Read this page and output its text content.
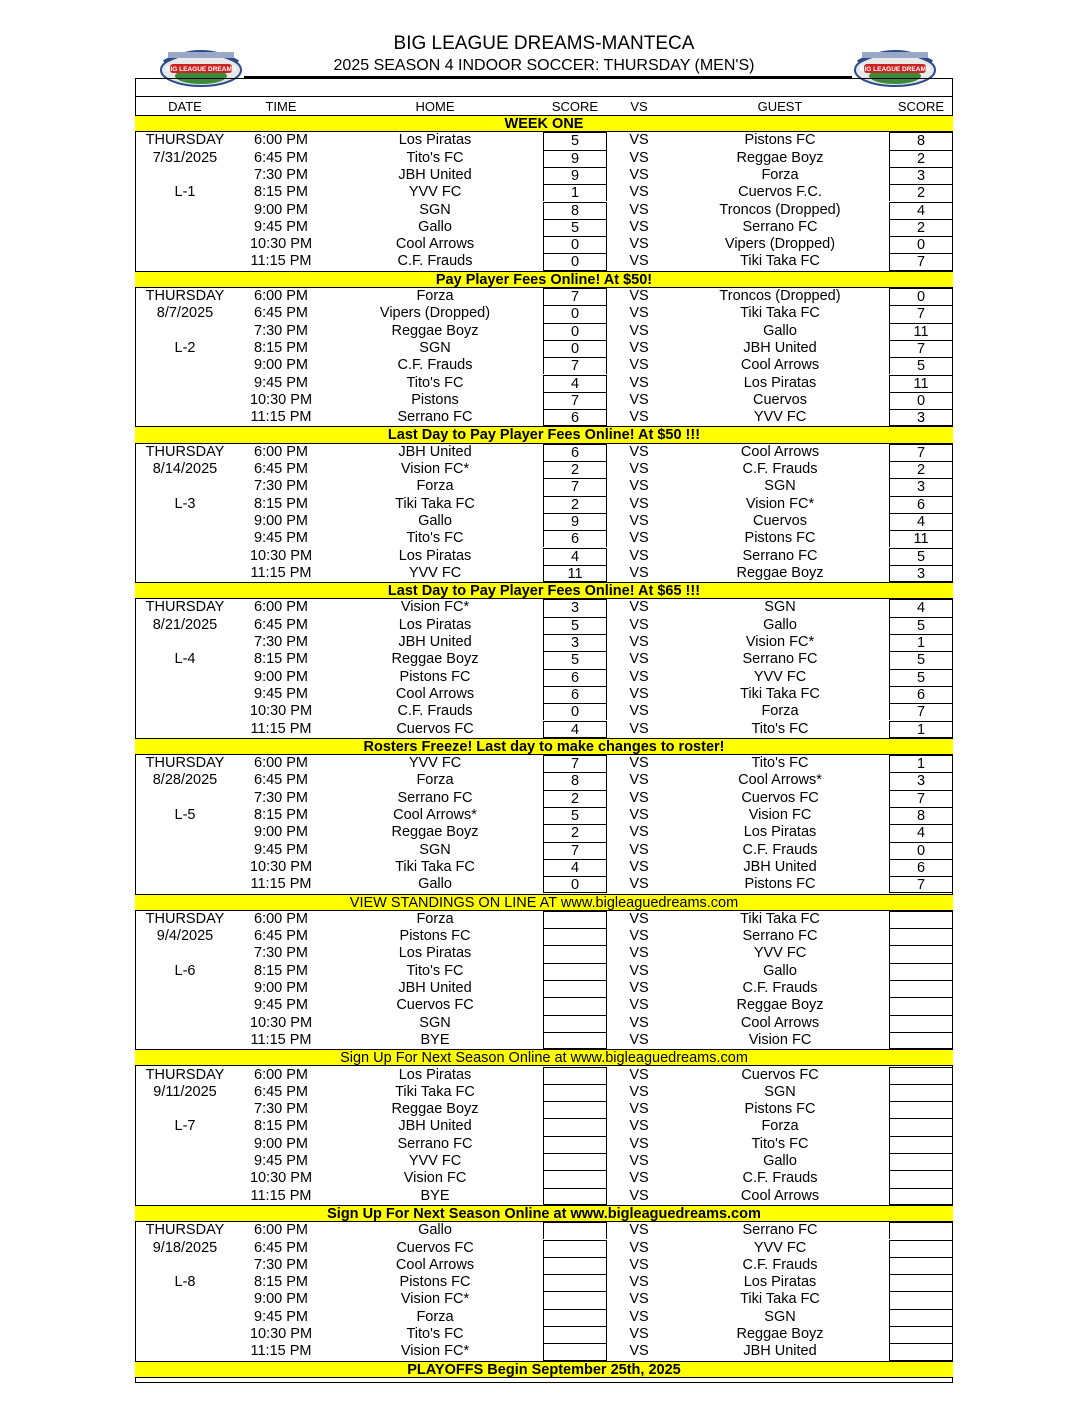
BIG LEAGUE DREAMS	BIG LEAGUE DREAMS
BIG LEAGUE DREAMS-MANTECA
2025 SEASON 4 INDOOR SOCCER: THURSDAY (MEN'S)
DATE	TIME	HOME	SCORE	VS	GUEST	SCORE
WEEK ONE
THURSDAY	6:00 PM	Los Piratas	5	VS	Pistons FC	8
7/31/2025	6:45 PM	Tito's FC	9	VS	Reggae Boyz	2
7:30 PM	JBH United	9	VS	Forza	3
L-1	8:15 PM	YVV FC	1	VS	Cuervos F.C.	2
9:00 PM	SGN	8	VS	Troncos (Dropped)	4
9:45 PM	Gallo	5	VS	Serrano FC	2
10:30 PM	Cool Arrows	0	VS	Vipers (Dropped)	0
11:15 PM	C.F. Frauds	0	VS	Tiki Taka FC	7
Pay Player Fees Online! At $50!
THURSDAY	6:00 PM	Forza	7	VS	Troncos (Dropped)	0
8/7/2025	6:45 PM	Vipers (Dropped)	0	VS	Tiki Taka FC	7
7:30 PM	Reggae Boyz	0	VS	Gallo	11
L-2	8:15 PM	SGN	0	VS	JBH United	7
9:00 PM	C.F. Frauds	7	VS	Cool Arrows	5
9:45 PM	Tito's FC	4	VS	Los Piratas	11
10:30 PM	Pistons	7	VS	Cuervos	0
11:15 PM	Serrano FC	6	VS	YVV FC	3
Last Day to Pay Player Fees Online! At $50 !!!
THURSDAY	6:00 PM	JBH United	6	VS	Cool Arrows	7
8/14/2025	6:45 PM	Vision FC*	2	VS	C.F. Frauds	2
7:30 PM	Forza	7	VS	SGN	3
L-3	8:15 PM	Tiki Taka FC	2	VS	Vision FC*	6
9:00 PM	Gallo	9	VS	Cuervos	4
9:45 PM	Tito's FC	6	VS	Pistons FC	11
10:30 PM	Los Piratas	4	VS	Serrano FC	5
11:15 PM	YVV FC	11	VS	Reggae Boyz	3
Last Day to Pay Player Fees Online! At $65 !!!
THURSDAY	6:00 PM	Vision FC*	3	VS	SGN	4
8/21/2025	6:45 PM	Los Piratas	5	VS	Gallo	5
7:30 PM	JBH United	3	VS	Vision FC*	1
L-4	8:15 PM	Reggae Boyz	5	VS	Serrano FC	5
9:00 PM	Pistons FC	6	VS	YVV FC	5
9:45 PM	Cool Arrows	6	VS	Tiki Taka FC	6
10:30 PM	C.F. Frauds	0	VS	Forza	7
11:15 PM	Cuervos FC	4	VS	Tito's FC	1
Rosters Freeze! Last day to make changes to roster!
THURSDAY	6:00 PM	YVV FC	7	VS	Tito's FC	1
8/28/2025	6:45 PM	Forza	8	VS	Cool Arrows*	3
7:30 PM	Serrano FC	2	VS	Cuervos FC	7
L-5	8:15 PM	Cool Arrows*	5	VS	Vision FC	8
9:00 PM	Reggae Boyz	2	VS	Los Piratas	4
9:45 PM	SGN	7	VS	C.F. Frauds	0
10:30 PM	Tiki Taka FC	4	VS	JBH United	6
11:15 PM	Gallo	0	VS	Pistons FC	7
VIEW STANDINGS ON LINE AT www.bigleaguedreams.com
THURSDAY	6:00 PM	Forza	VS	Tiki Taka FC
9/4/2025	6:45 PM	Pistons FC	VS	Serrano FC
7:30 PM	Los Piratas	VS	YVV FC
L-6	8:15 PM	Tito's FC	VS	Gallo
9:00 PM	JBH United	VS	C.F. Frauds
9:45 PM	Cuervos FC	VS	Reggae Boyz
10:30 PM	SGN	VS	Cool Arrows
11:15 PM	BYE	VS	Vision FC
Sign Up For Next Season Online at www.bigleaguedreams.com
THURSDAY	6:00 PM	Los Piratas	VS	Cuervos FC
9/11/2025	6:45 PM	Tiki Taka FC	VS	SGN
7:30 PM	Reggae Boyz	VS	Pistons FC
L-7	8:15 PM	JBH United	VS	Forza
9:00 PM	Serrano FC	VS	Tito's FC
9:45 PM	YVV FC	VS	Gallo
10:30 PM	Vision FC	VS	C.F. Frauds
11:15 PM	BYE	VS	Cool Arrows
Sign Up For Next Season Online at www.bigleaguedreams.com
THURSDAY	6:00 PM	Gallo	VS	Serrano FC
9/18/2025	6:45 PM	Cuervos FC	VS	YVV FC
7:30 PM	Cool Arrows	VS	C.F. Frauds
L-8	8:15 PM	Pistons FC	VS	Los Piratas
9:00 PM	Vision FC*	VS	Tiki Taka FC
9:45 PM	Forza	VS	SGN
10:30 PM	Tito's FC	VS	Reggae Boyz
11:15 PM	Vision FC*	VS	JBH United
PLAYOFFS Begin September 25th, 2025
